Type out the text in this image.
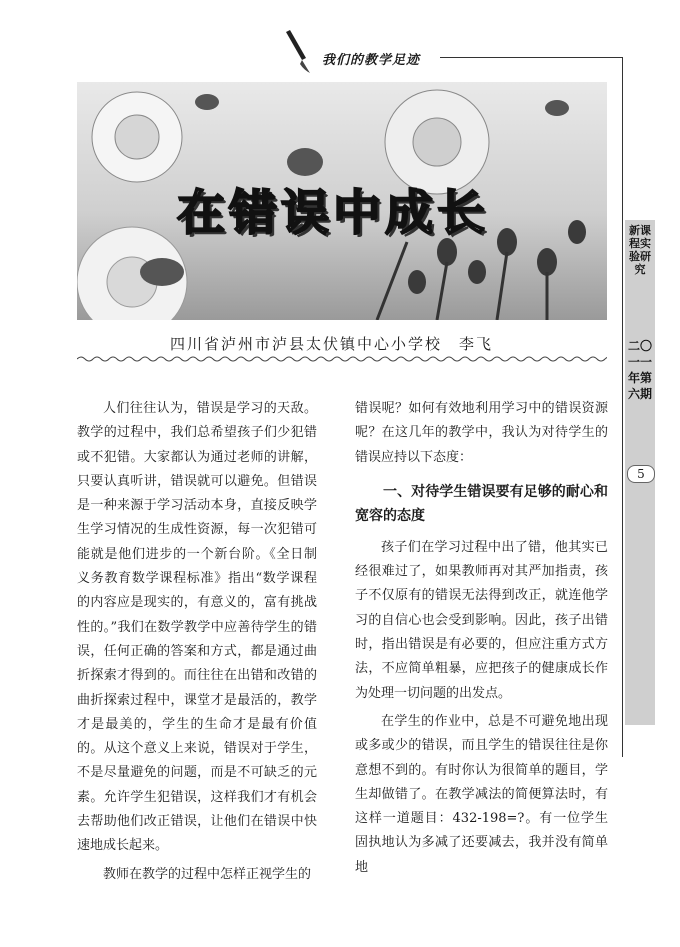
我们的教学足迹
新课程实验研究
二〇一一年第六期
5
在错误中成长
四川省泸州市泸县太伏镇中心小学校　李飞

人们往往认为，错误是学习的天敌。教学的过程中，我们总希望孩子们少犯错或不犯错。大家都认为通过老师的讲解，只要认真听讲，错误就可以避免。但错误是一种来源于学习活动本身，直接反映学生学习情况的生成性资源，每一次犯错可能就是他们进步的一个新台阶。《全日制义务教育数学课程标准》指出“数学课程的内容应是现实的，有意义的，富有挑战性的。”我们在数学教学中应善待学生的错误，任何正确的答案和方式，都是通过曲折探索才得到的。而往往在出错和改错的曲折探索过程中，课堂才是最活的，教学才是最美的，学生的生命才是最有价值的。从这个意义上来说，错误对于学生，不是尽量避免的问题，而是不可缺乏的元素。允许学生犯错误，这样我们才有机会去帮助他们改正错误，让他们在错误中快速地成长起来。

教师在教学的过程中怎样正视学生的

错误呢？如何有效地利用学习中的错误资源呢？在这几年的教学中，我认为对待学生的错误应持以下态度：

一、对待学生错误要有足够的耐心和宽容的态度

孩子们在学习过程中出了错，他其实已经很难过了，如果教师再对其严加指责，孩子不仅原有的错误无法得到改正，就连他学习的自信心也会受到影响。因此，孩子出错时，指出错误是有必要的，但应注重方式方法，不应简单粗暴，应把孩子的健康成长作为处理一切问题的出发点。

在学生的作业中，总是不可避免地出现或多或少的错误，而且学生的错误往往是你意想不到的。有时你认为很简单的题目，学生却做错了。在教学减法的简便算法时，有这样一道题目：432-198=?。有一位学生固执地认为多减了还要减去，我并没有简单地
